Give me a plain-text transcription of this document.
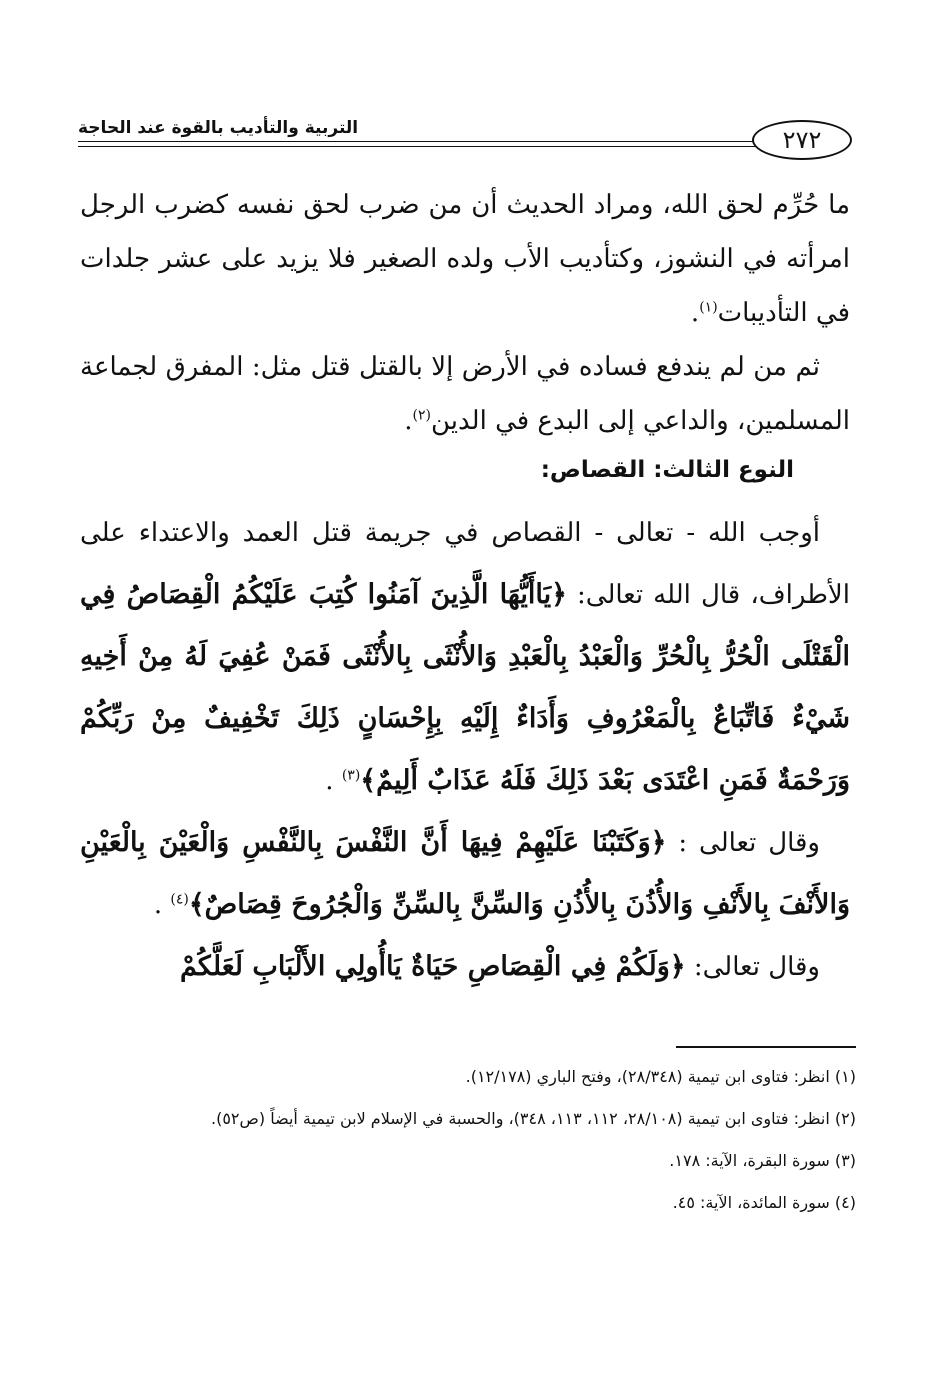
٢٧٢
التربية والتأديب بالقوة عند الحاجة

ما حُرِّم لحق الله، ومراد الحديث أن من ضرب لحق نفسه كضرب الرجل امرأته في النشوز، وكتأديب الأب ولده الصغير فلا يزيد على عشر جلدات في التأديبات$^{(١)}$.

ثم من لم يندفع فساده في الأرض إلا بالقتل قتل مثل: المفرق لجماعة المسلمين، والداعي إلى البدع في الدين$^{(٢)}$.

النوع الثالث: القصاص:

أوجب الله - تعالى - القصاص في جريمة قتل العمد والاعتداء على الأطراف، قال الله تعالى: ﴿يَاأَيُّهَا الَّذِينَ آمَنُوا كُتِبَ عَلَيْكُمُ الْقِصَاصُ فِي الْقَتْلَى الْحُرُّ بِالْحُرِّ وَالْعَبْدُ بِالْعَبْدِ وَالأُنْثَى بِالأُنْثَى فَمَنْ عُفِيَ لَهُ مِنْ أَخِيهِ شَيْءٌ فَاتِّبَاعٌ بِالْمَعْرُوفِ وَأَدَاءٌ إِلَيْهِ بِإِحْسَانٍ ذَلِكَ تَخْفِيفٌ مِنْ رَبِّكُمْ وَرَحْمَةٌ فَمَنِ اعْتَدَى بَعْدَ ذَلِكَ فَلَهُ عَذَابٌ أَلِيمٌ﴾$^{(٣)}$ .

وقال تعالى : ﴿وَكَتَبْنَا عَلَيْهِمْ فِيهَا أَنَّ النَّفْسَ بِالنَّفْسِ وَالْعَيْنَ بِالْعَيْنِ وَالأَنْفَ بِالأَنْفِ وَالأُذُنَ بِالأُذُنِ وَالسِّنَّ بِالسِّنِّ وَالْجُرُوحَ قِصَاصٌ﴾$^{(٤)}$ .

وقال تعالى: ﴿وَلَكُمْ فِي الْقِصَاصِ حَيَاةٌ يَاأُولِي الأَلْبَابِ لَعَلَّكُمْ

(١) انظر: فتاوى ابن تيمية (٢٨/٣٤٨)، وفتح الباري (١٢/١٧٨).

(٢) انظر: فتاوى ابن تيمية (٢٨/١٠٨، ١١٢، ١١٣، ٣٤٨)، والحسبة في الإسلام لابن تيمية أيضاً (ص٥٢).

(٣) سورة البقرة، الآية: ١٧٨.

(٤) سورة المائدة، الآية: ٤٥.
